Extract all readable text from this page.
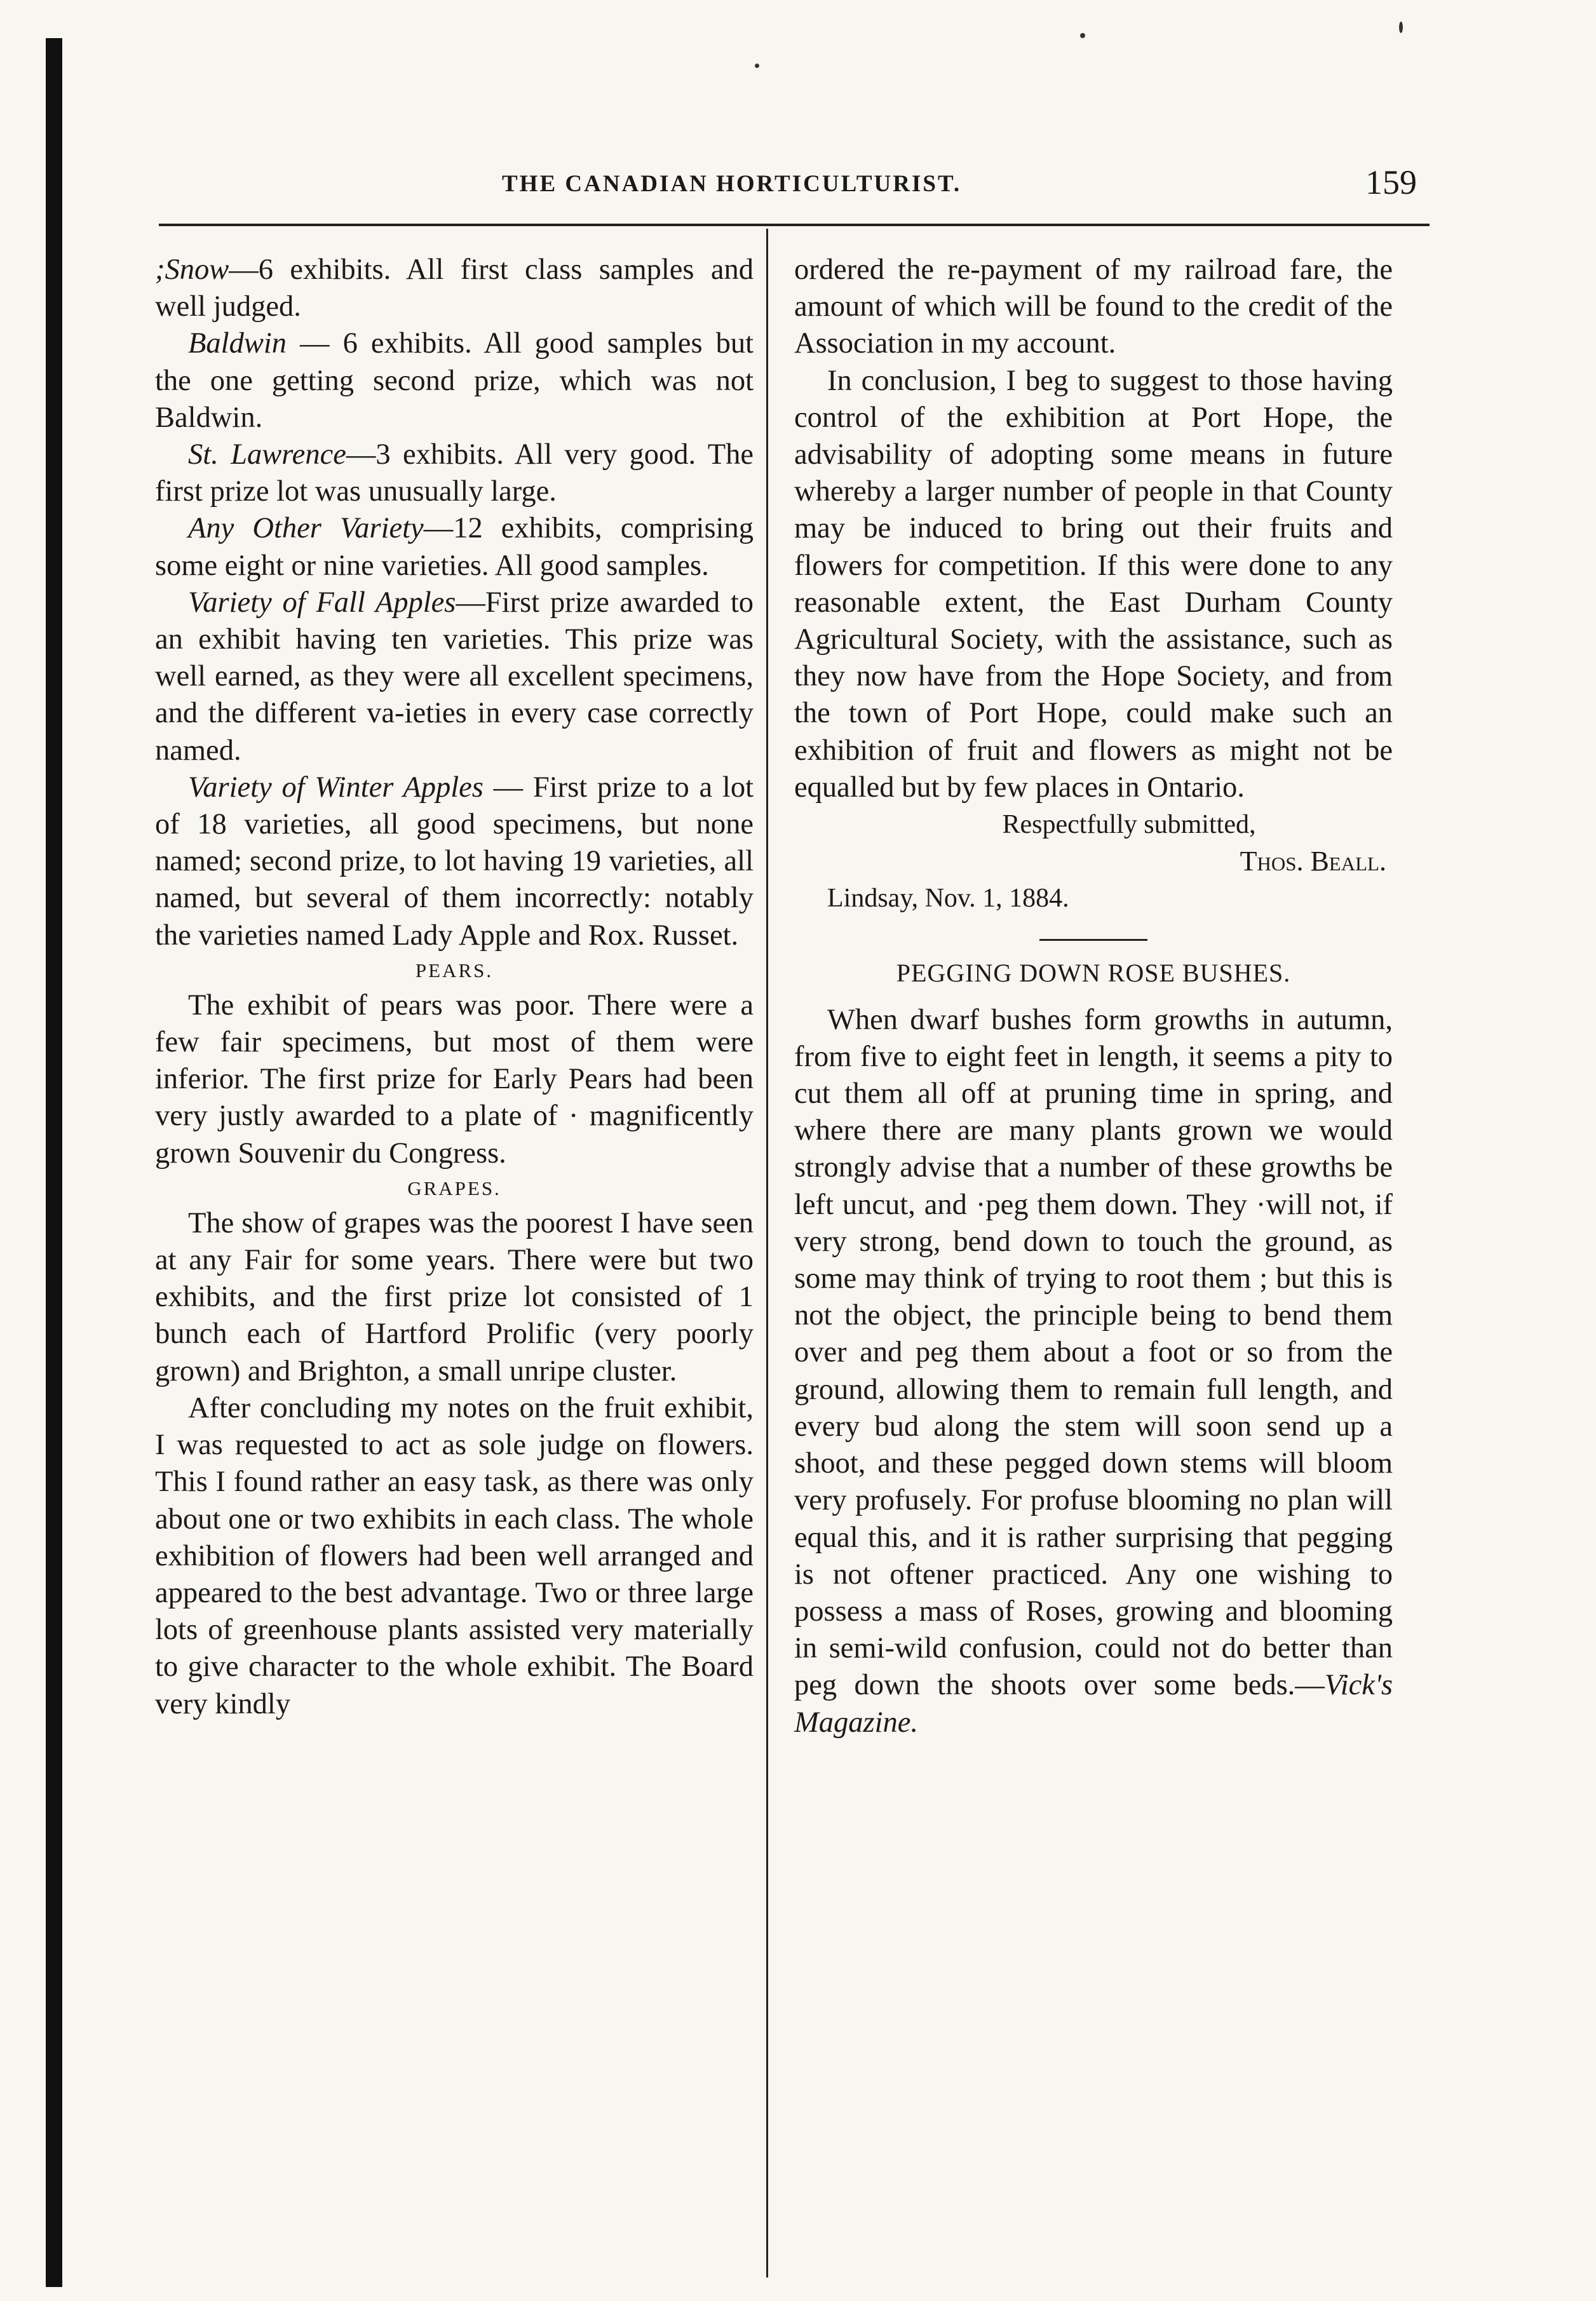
THE CANADIAN HORTICULTURIST.	159

;Snow—6 exhibits. All first class samples and well judged.

Baldwin — 6 exhibits. All good samples but the one getting second prize, which was not Baldwin.

St. Lawrence—3 exhibits. All very good. The first prize lot was unusually large.

Any Other Variety—12 exhibits, comprising some eight or nine varieties. All good samples.

Variety of Fall Apples—First prize awarded to an exhibit having ten varieties. This prize was well earned, as they were all excellent specimens, and the different va-ieties in every case correctly named.

Variety of Winter Apples — First prize to a lot of 18 varieties, all good specimens, but none named; second prize, to lot having 19 varieties, all named, but several of them incorrectly: notably the varieties named Lady Apple and Rox. Russet.

PEARS.

The exhibit of pears was poor. There were a few fair specimens, but most of them were inferior. The first prize for Early Pears had been very justly awarded to a plate of · magnificently grown Souvenir du Congress.

GRAPES.

The show of grapes was the poorest I have seen at any Fair for some years. There were but two exhibits, and the first prize lot consisted of 1 bunch each of Hartford Prolific (very poorly grown) and Brighton, a small unripe cluster.

After concluding my notes on the fruit exhibit, I was requested to act as sole judge on flowers. This I found rather an easy task, as there was only about one or two exhibits in each class. The whole exhibition of flowers had been well arranged and appeared to the best advantage. Two or three large lots of greenhouse plants assisted very materially to give character to the whole exhibit. The Board very kindly

ordered the re-payment of my railroad fare, the amount of which will be found to the credit of the Association in my account.

In conclusion, I beg to suggest to those having control of the exhibition at Port Hope, the advisability of adopting some means in future whereby a larger number of people in that County may be induced to bring out their fruits and flowers for competition. If this were done to any reasonable extent, the East Durham County Agricultural Society, with the assistance, such as they now have from the Hope Society, and from the town of Port Hope, could make such an exhibition of fruit and flowers as might not be equalled but by few places in Ontario.

Respectfully submitted,

Thos. Beall.

Lindsay, Nov. 1, 1884.

PEGGING DOWN ROSE BUSHES.

When dwarf bushes form growths in autumn, from five to eight feet in length, it seems a pity to cut them all off at pruning time in spring, and where there are many plants grown we would strongly advise that a number of these growths be left uncut, and ·peg them down. They ·will not, if very strong, bend down to touch the ground, as some may think of trying to root them ; but this is not the object, the principle being to bend them over and peg them about a foot or so from the ground, allowing them to remain full length, and every bud along the stem will soon send up a shoot, and these pegged down stems will bloom very profusely. For profuse blooming no plan will equal this, and it is rather surprising that pegging is not oftener practiced. Any one wishing to possess a mass of Roses, growing and blooming in semi-wild confusion, could not do better than peg down the shoots over some beds.—Vick's Magazine.
